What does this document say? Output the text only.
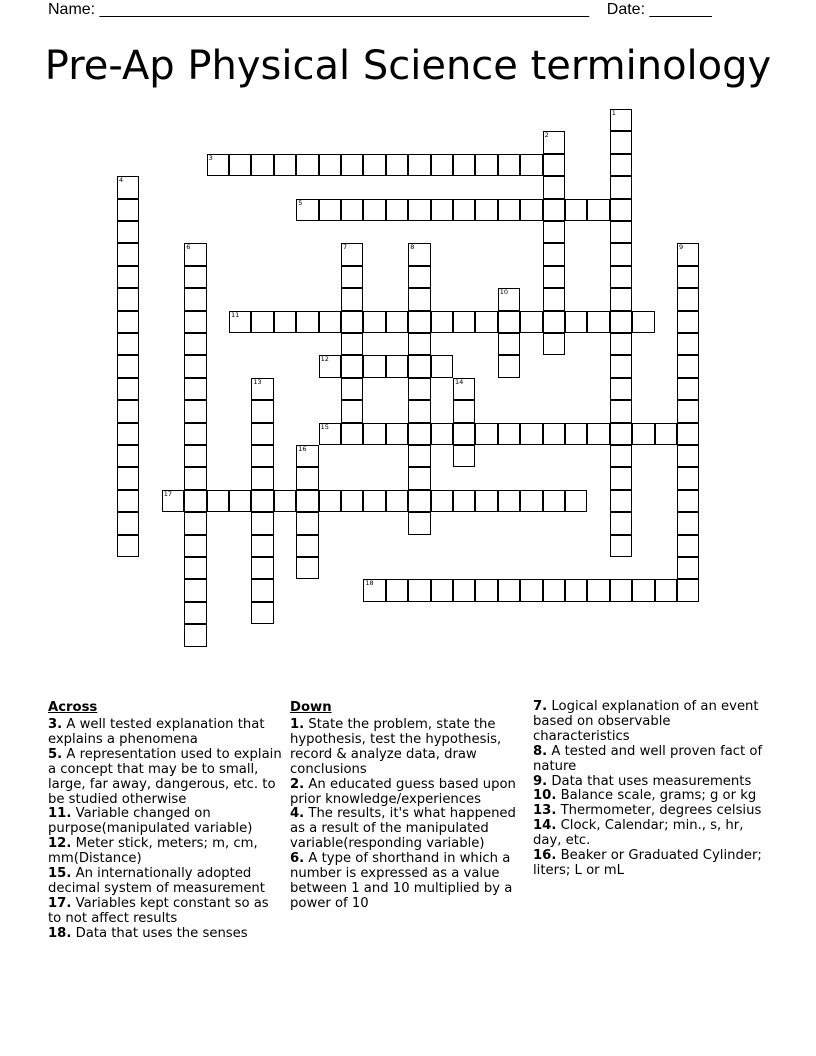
Name: _______________________________________________________ Date: _______
Pre-Ap Physical Science terminology
1
2
3
4
5
6	7	8	9
10
11
12
13	14
15
16
17
18
Across
3. A well tested explanation that explains a phenomena
5. A representation used to explain a concept that may be to small, large, far away, dangerous, etc. to be studied otherwise
11. Variable changed on purpose(manipulated variable)
12. Meter stick, meters; m, cm, mm(Distance)
15. An internationally adopted decimal system of measurement
17. Variables kept constant so as to not affect results
18. Data that uses the senses
Down
1. State the problem, state the hypothesis, test the hypothesis, record & analyze data, draw conclusions
2. An educated guess based upon prior knowledge/experiences
4. The results, it's what happened as a result of the manipulated variable(responding variable)
6. A type of shorthand in which a number is expressed as a value between 1 and 10 multiplied by a power of 10
7. Logical explanation of an event based on observable characteristics
8. A tested and well proven fact of nature
9. Data that uses measurements
10. Balance scale, grams; g or kg
13. Thermometer, degrees celsius
14. Clock, Calendar; min., s, hr, day, etc.
16. Beaker or Graduated Cylinder; liters; L or mL
